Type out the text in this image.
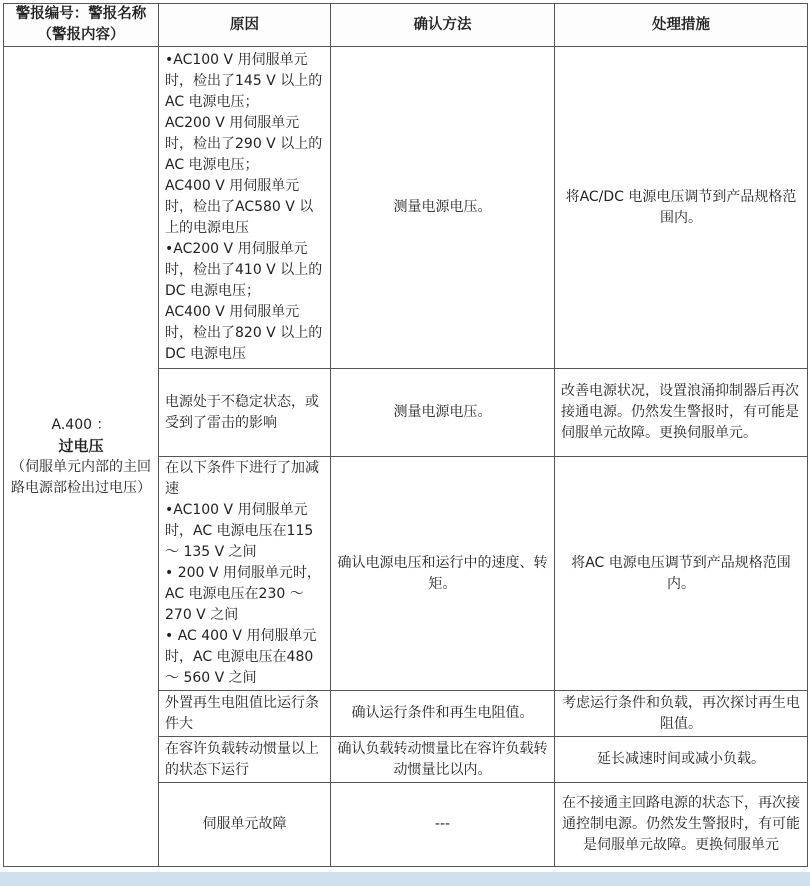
警报编号：警报名称（警报内容）	原因	确认方法	处理措施

A.400 ：
过电压
（伺服单元内部的主回路电源部检出过电压）	•AC100 V 用伺服单元时，检出了145 V 以上的AC 电源电压；
AC200 V 用伺服单元时，检出了290 V 以上的AC 电源电压；
AC400 V 用伺服单元时，检出了AC580 V 以上的电源电压
•AC200 V 用伺服单元时，检出了410 V 以上的DC 电源电压；
AC400 V 用伺服单元时，检出了820 V 以上的DC 电源电压	测量电源电压。	将AC/DC 电源电压调节到产品规格范围内。
	电源处于不稳定状态，或受到了雷击的影响	测量电源电压。	改善电源状况，设置浪涌抑制器后再次接通电源。仍然发生警报时，有可能是伺服单元故障。更换伺服单元。

	在以下条件下进行了加减速
•AC100 V 用伺服单元时，AC 电源电压在115 ～ 135 V 之间
• 200 V 用伺服单元时，AC 电源电压在230 ～270 V 之间
• AC 400 V 用伺服单元时，AC 电源电压在480 ～ 560 V 之间	确认电源电压和运行中的速度、转矩。	将AC 电源电压调节到产品规格范围内。
	外置再生电阻值比运行条件大	确认运行条件和再生电阻值。	考虑运行条件和负载，再次探讨再生电阻值。
	在容许负载转动惯量以上的状态下运行	确认负载转动惯量比在容许负载转动惯量比以内。	延长减速时间或减小负载。
	伺服单元故障	---	在不接通主回路电源的状态下，再次接通控制电源。仍然发生警报时，有可能是伺服单元故障。更换伺服单元
